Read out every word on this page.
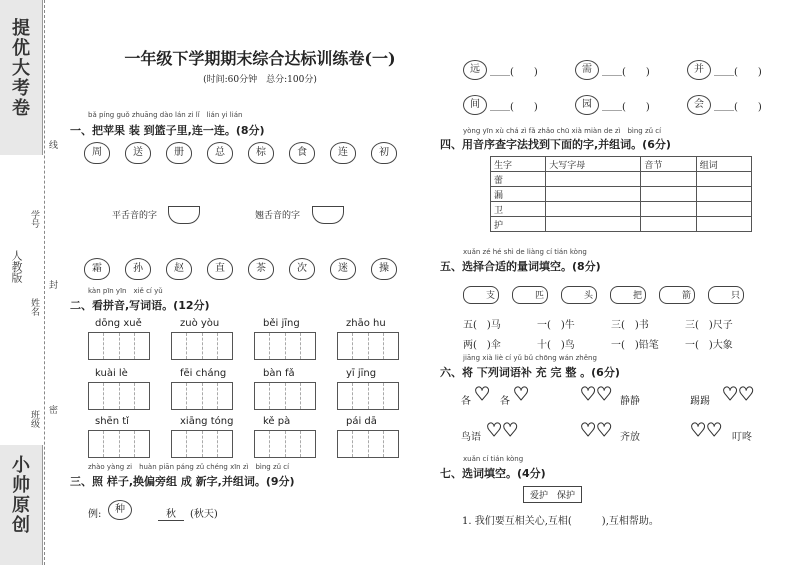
提优大考卷
小帅原创
人教版
班级
姓名
学号
密
封
线
一年级下学期期末综合达标训练卷(一)
(时间:60分钟　总分:100分)
bǎ píng guǒ zhuāng dào lán zi lǐ　lián yi lián
一、把苹果 装 到篮子里,连一连。(8分)
周	送	册	总	棕	食	连	初
平舌音的字	翘舌音的字
霜	孙	赵	直	茶	次	迷	操
kàn pīn yīn　xiě cí yǔ
二、看拼音,写词语。(12分)
dōng xuě	zuò yòu	běi jīng	zhāo hu
kuài lè	fēi cháng	bàn fǎ	yī jīng
shēn tǐ	xiāng tóng	kě pà	pái dā
zhào yàng zi　huàn piān páng zǔ chéng xīn zì　bìng zǔ cí
三、照 样子,换偏旁组 成 新字,并组词。(9分)
例:	种	秋	(秋天)
远	＿＿(　　)	需	＿＿(　　)	并	＿＿(　　)
间	＿＿(　　)	园	＿＿(　　)	会	＿＿(　　)
yòng yīn xù chá zì fǎ zhǎo chū xià miàn de zì　bìng zǔ cí
四、用音序查字法找到下面的字,并组词。(6分)
生字	大写字母	音节	组词
蕾			
漏			
卫			
护			
xuǎn zé hé shì de liàng cí tián kòng
五、选择合适的量词填空。(8分)
支	匹	头	把	箭	只
五(　)马	一(　)牛	三(　)书	三(　)尺子
两(　)伞	十(　)鸟	一(　)铅笔	一(　)大象
jiāng xià liè cí yǔ bǔ chōng wán zhěng
六、将 下列词语补 充 完 整 。(6分)
各 ♥ 各 ♥	♥♥ 静静	踢踢 ♥♥
鸟语 ♥♥	♥♥ 齐放	♥♥ 叮咚
xuǎn cí tián kòng
七、选词填空。(4分)
爱护　 保护
1. 我们要互相关心,互相(　　　),互相帮助。
